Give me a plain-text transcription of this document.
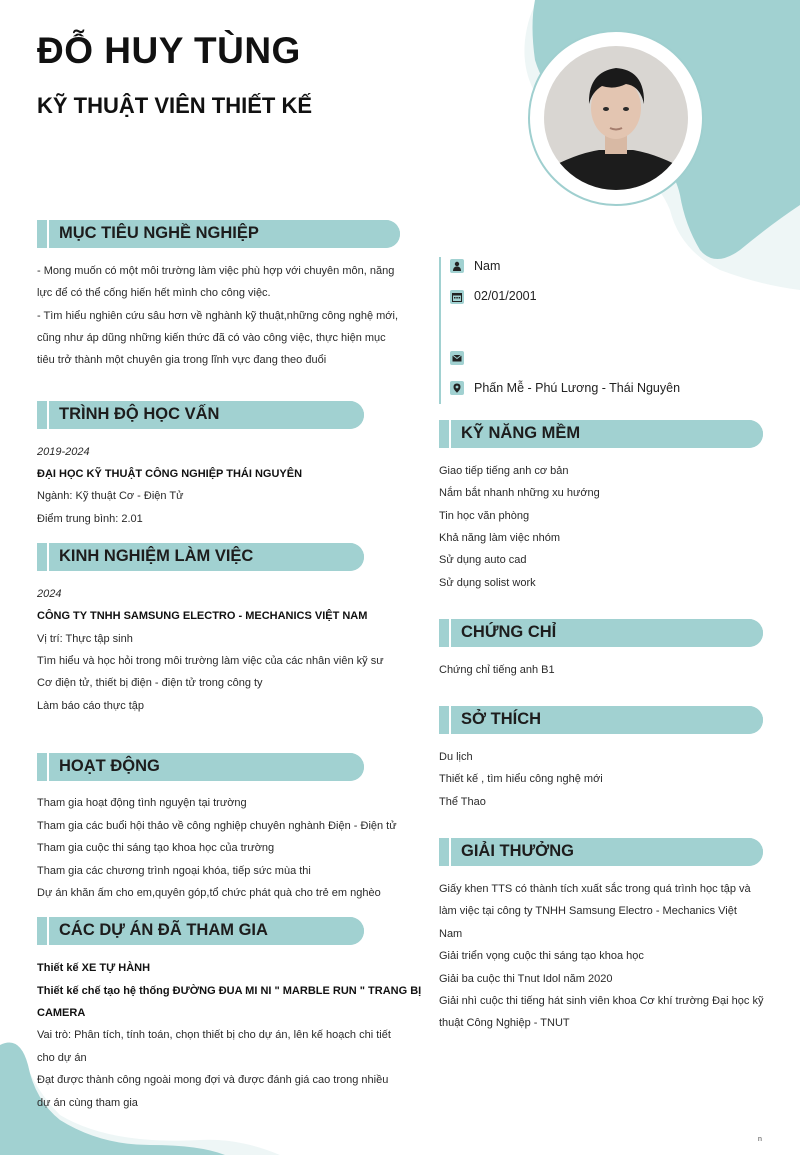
ĐỖ HUY TÙNG
KỸ THUẬT VIÊN THIẾT KẾ
Nam
02/01/2001
Phấn Mễ - Phú Lương - Thái Nguyên
MỤC TIÊU NGHỀ NGHIỆP
- Mong muốn có một môi trường làm việc phù hợp với chuyên môn, năng
lực để có thể cống hiến hết mình cho công việc.
- Tìm hiểu nghiên cứu sâu hơn về nghành kỹ thuật,những công nghệ mới,
cũng như áp dũng những kiến thức đã có vào công việc, thực hiện mục
tiêu trở thành một chuyên gia trong lĩnh vực đang theo đuổi
TRÌNH ĐỘ HỌC VẤN
2019-2024
ĐẠI HỌC KỸ THUẬT CÔNG NGHIỆP THÁI NGUYÊN
Ngành: Kỹ thuật Cơ - Điện Tử
Điểm trung bình: 2.01
KINH NGHIỆM LÀM VIỆC
2024
CÔNG TY TNHH SAMSUNG ELECTRO - MECHANICS VIỆT NAM
Vị trí: Thực tập sinh
Tìm hiểu và học hỏi trong môi trường làm việc của các nhân viên kỹ sư
Cơ điện tử, thiết bị điện - điện tử trong công ty
Làm báo cáo thực tập
HOẠT ĐỘNG
Tham gia hoạt động tình nguyện tại trường
Tham gia các buổi hội thảo về công nghiệp chuyên nghành Điện - Điện tử
Tham gia cuộc thi sáng tạo khoa học của trường
Tham gia các chương trình ngoại khóa, tiếp sức mùa thi
Dự án khăn ấm cho em,quyên góp,tổ chức phát quà cho trẻ em nghèo
CÁC DỰ ÁN ĐÃ THAM GIA
Thiết kế XE TỰ HÀNH
Thiết kế chế tạo hệ thống ĐƯỜNG ĐUA MI NI " MARBLE RUN " TRANG BỊ
CAMERA
Vai trò: Phân tích, tính toán, chọn thiết bị cho dự án, lên kế hoạch chi tiết
cho dự án
Đạt được thành công ngoài mong đợi và được đánh giá cao trong nhiều
dự án cùng tham gia
KỸ NĂNG MỀM
Giao tiếp tiếng anh cơ bản
Nắm bắt nhanh những xu hướng
Tin học văn phòng
Khả năng làm việc nhóm
Sử dụng auto cad
Sử dụng solist work
CHỨNG CHỈ
Chứng chỉ tiếng anh B1
SỞ THÍCH
Du lịch
Thiết kế , tìm hiểu công nghệ mới
Thể Thao
GIẢI THƯỞNG
Giấy khen TTS có thành tích xuất sắc trong quá trình học tập và
làm việc tại công ty TNHH Samsung Electro - Mechanics Việt
Nam
Giải triển vọng cuộc thi sáng tạo khoa học
Giải ba cuộc thi Tnut Idol năm 2020
Giải nhì cuộc thi tiếng hát sinh viên khoa Cơ khí trường Đại học kỹ
thuật Công Nghiệp - TNUT
n
